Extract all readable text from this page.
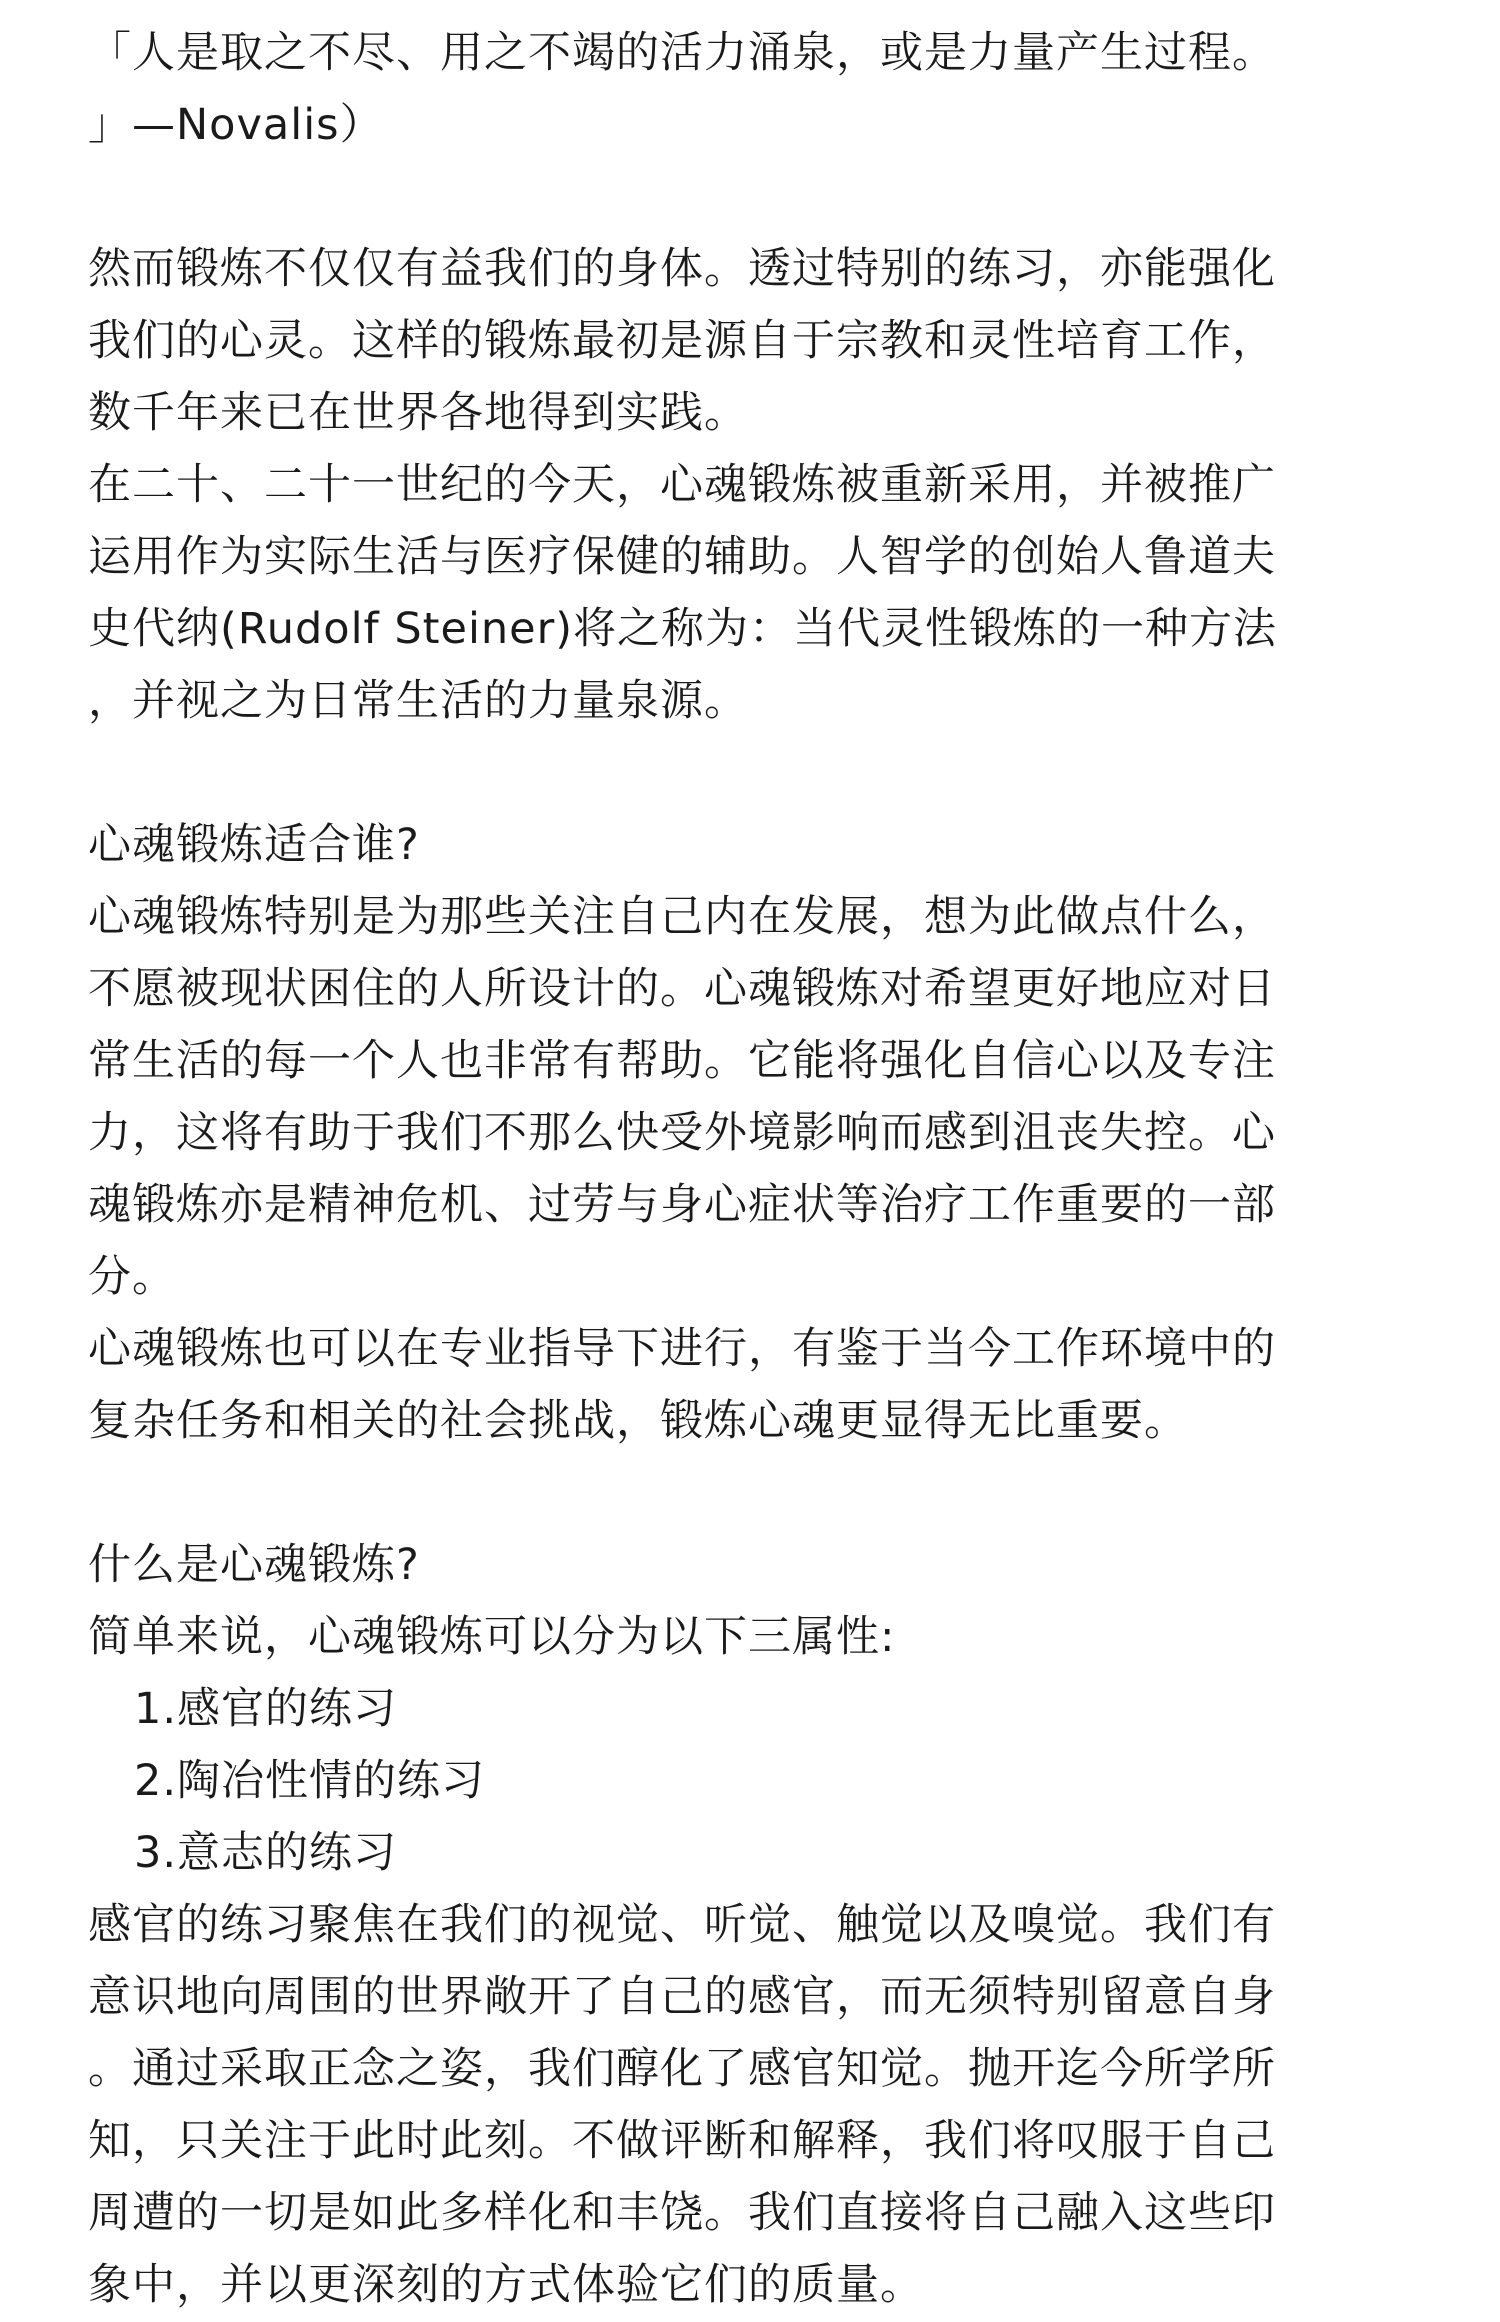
「人是取之不尽、用之不竭的活力涌泉，或是力量产生过程。
」—Novalis）
然而锻炼不仅仅有益我们的身体。透过特别的练习，亦能强化
我们的心灵。这样的锻炼最初是源自于宗教和灵性培育工作，
数千年来已在世界各地得到实践。
在二十、二十一世纪的今天，心魂锻炼被重新采用，并被推广
运用作为实际生活与医疗保健的辅助。人智学的创始人鲁道夫
史代纳(Rudolf Steiner)将之称为：当代灵性锻炼的一种方法
，并视之为日常生活的力量泉源。
心魂锻炼适合谁?
心魂锻炼特别是为那些关注自己内在发展，想为此做点什么，
不愿被现状困住的人所设计的。心魂锻炼对希望更好地应对日
常生活的每一个人也非常有帮助。它能将强化自信心以及专注
力，这将有助于我们不那么快受外境影响而感到沮丧失控。心
魂锻炼亦是精神危机、过劳与身心症状等治疗工作重要的一部
分。
心魂锻炼也可以在专业指导下进行，有鉴于当今工作环境中的
复杂任务和相关的社会挑战，锻炼心魂更显得无比重要。
什么是心魂锻炼?
简单来说，心魂锻炼可以分为以下三属性:
1.感官的练习
2.陶冶性情的练习
3.意志的练习
感官的练习聚焦在我们的视觉、听觉、触觉以及嗅觉。我们有
意识地向周围的世界敞开了自己的感官，而无须特别留意自身
。通过采取正念之姿，我们醇化了感官知觉。抛开迄今所学所
知，只关注于此时此刻。不做评断和解释，我们将叹服于自己
周遭的一切是如此多样化和丰饶。我们直接将自己融入这些印
象中，并以更深刻的方式体验它们的质量。
